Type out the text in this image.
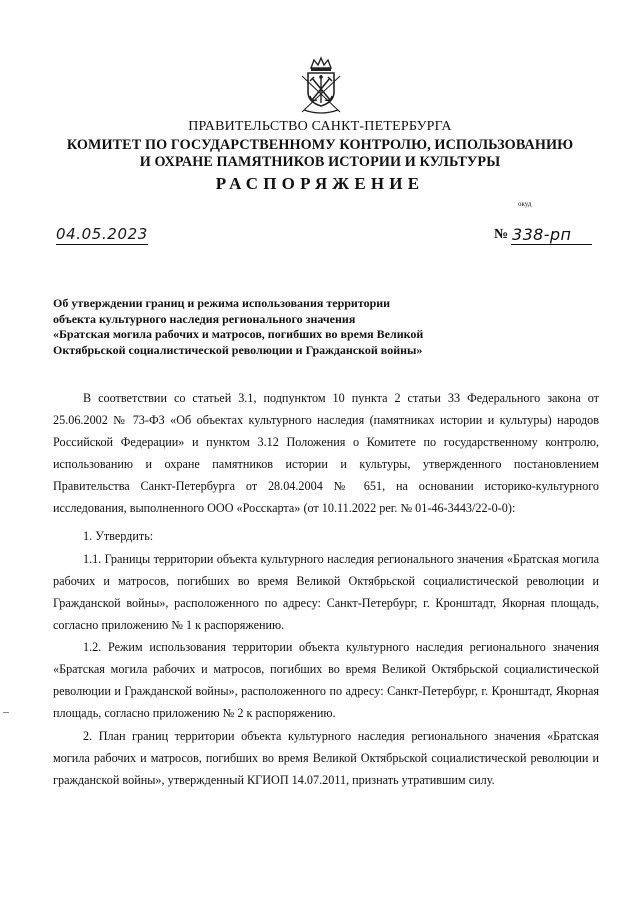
ПРАВИТЕЛЬСТВО САНКТ-ПЕТЕРБУРГА
КОМИТЕТ ПО ГОСУДАРСТВЕННОМУ КОНТРОЛЮ, ИСПОЛЬЗОВАНИЮ
И ОХРАНЕ ПАМЯТНИКОВ ИСТОРИИ И КУЛЬТУРЫ
РАСПОРЯЖЕНИЕ
окуд
04.05.2023	№ 338-рп
Об утверждении границ и режима использования территории
объекта культурного наследия регионального значения
«Братская могила рабочих и матросов, погибших во время Великой
Октябрьской социалистической революции и Гражданской войны»
В соответствии со статьей 3.1, подпунктом 10 пункта 2 статьи 33 Федерального закона от 25.06.2002 № 73-ФЗ «Об объектах культурного наследия (памятниках истории и культуры) народов Российской Федерации» и пунктом 3.12 Положения о Комитете по государственному контролю, использованию и охране памятников истории и культуры, утвержденного постановлением Правительства Санкт-Петербурга от 28.04.2004 № 651, на основании историко-культурного исследования, выполненного ООО «Росскарта» (от 10.11.2022 рег. № 01-46-3443/22-0-0):
1. Утвердить:
1.1. Границы территории объекта культурного наследия регионального значения «Братская могила рабочих и матросов, погибших во время Великой Октябрьской социалистической революции и Гражданской войны», расположенного по адресу: Санкт-Петербург, г. Кронштадт, Якорная площадь, согласно приложению № 1 к распоряжению.
1.2. Режим использования территории объекта культурного наследия регионального значения «Братская могила рабочих и матросов, погибших во время Великой Октябрьской социалистической революции и Гражданской войны», расположенного по адресу: Санкт-Петербург, г. Кронштадт, Якорная площадь, согласно приложению № 2 к распоряжению.
2. План границ территории объекта культурного наследия регионального значения «Братская могила рабочих и матросов, погибших во время Великой Октябрьской социалистической революции и гражданской войны», утвержденный КГИОП 14.07.2011, признать утратившим силу.
